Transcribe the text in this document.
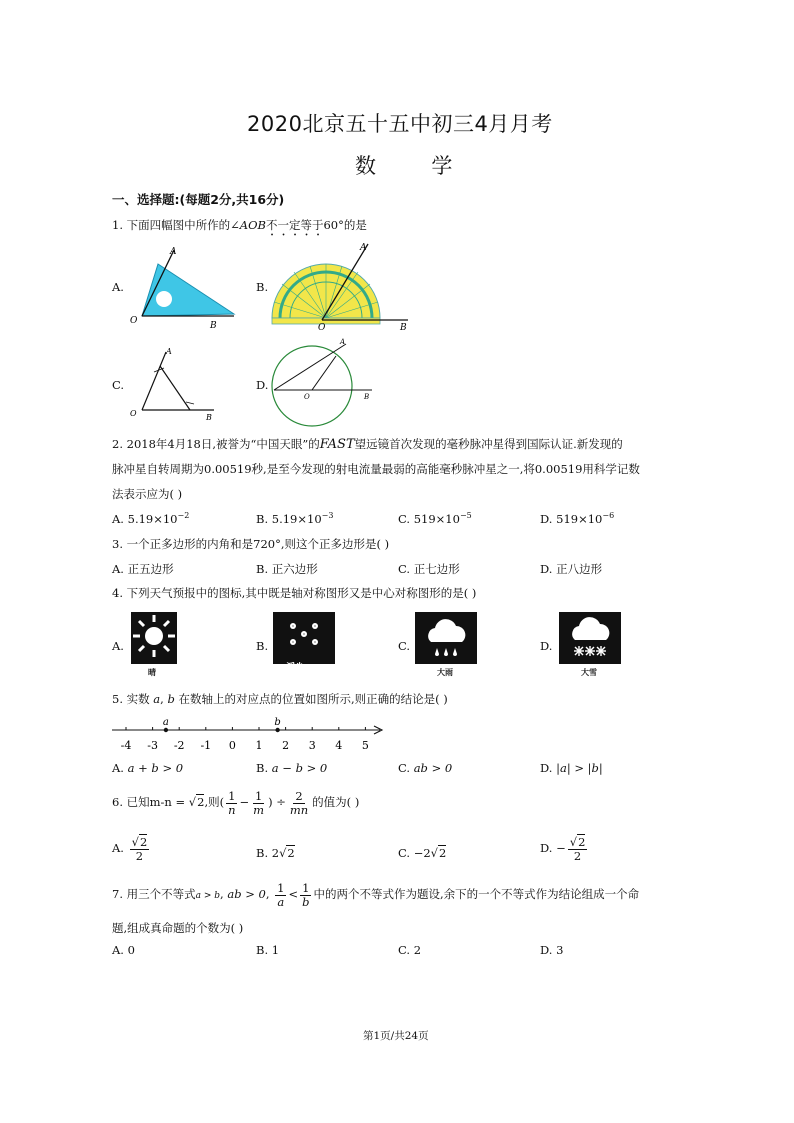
2020北京五十五中初三4月月考
数	学
一、选择题:(每题2分,共16分)
1. 下面四幅图中所作的∠AOB不一定等于60°的是
A.
A
O	B
B.
A
O	B
C.
A
O	B
D.
A
O	B
2. 2018年4月18日,被誉为“中国天眼”的FAST望远镜首次发现的毫秒脉冲星得到国际认证.新发现的
脉冲星自转周期为0.00519秒,是至今发现的射电流量最弱的高能毫秒脉冲星之一,将0.00519用科学记数
法表示应为( )
A. $5.19\times 10^{-2}$	B. $5.19\times 10^{-3}$	C. $519\times 10^{-5}$	D. $519\times 10^{-6}$
3. 一个正多边形的内角和是720°,则这个正多边形是( )
A. 正五边形	B. 正六边形	C. 正七边形	D. 正八边形
4. 下列天气预报中的图标,其中既是轴对称图形又是中心对称图形的是( )
A.
晴
B.
浮尘
C.
大雨
D.
大雪
5. 实数 a, b 在数轴上的对应点的位置如图所示,则正确的结论是( )
-4 -3 -2 -1 0 1 2 3 4 5
a	b
A. a + b > 0	B. a − b > 0	C. ab > 0	D. |a| > |b|
6. 已知m-n = √2,则( $\frac{1}{n} - \frac{1}{m}$ ) ÷ $\frac{2}{mn}$ 的值为( )
A. $\frac{√2}{2}$	B. 2√2	C. −2√2	D. − $\frac{√2}{2}$
7. 用三个不等式a > b, ab > 0, $\frac{1}{a} < \frac{1}{b}$ 中的两个不等式作为题设,余下的一个不等式作为结论组成一个命
题,组成真命题的个数为( )
A. 0	B. 1	C. 2	D. 3
第1页/共24页
